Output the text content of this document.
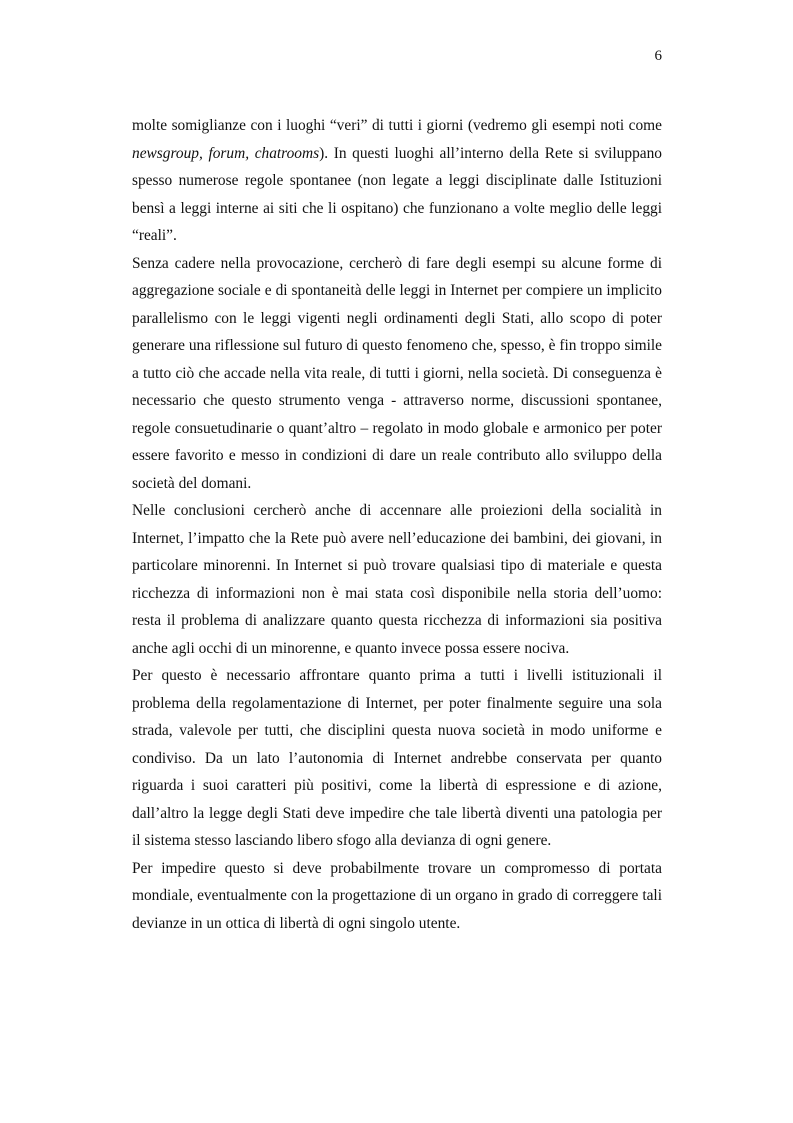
6

molte somiglianze con i luoghi “veri” di tutti i giorni (vedremo gli esempi noti come newsgroup, forum, chatrooms). In questi luoghi all’interno della Rete si sviluppano spesso numerose regole spontanee (non legate a leggi disciplinate dalle Istituzioni bensì a leggi interne ai siti che li ospitano) che funzionano a volte meglio delle leggi “reali”.

Senza cadere nella provocazione, cercherò di fare degli esempi su alcune forme di aggregazione sociale e di spontaneità delle leggi in Internet per compiere un implicito parallelismo con le leggi vigenti negli ordinamenti degli Stati, allo scopo di poter generare una riflessione sul futuro di questo fenomeno che, spesso, è fin troppo simile a tutto ciò che accade nella vita reale, di tutti i giorni, nella società. Di conseguenza è necessario che questo strumento venga - attraverso norme, discussioni spontanee, regole consuetudinarie o quant’altro – regolato in modo globale e armonico per poter essere favorito e messo in condizioni di dare un reale contributo allo sviluppo della società del domani.

Nelle conclusioni cercherò anche di accennare alle proiezioni della socialità in Internet, l’impatto che la Rete può avere nell’educazione dei bambini, dei giovani, in particolare minorenni. In Internet si può trovare qualsiasi tipo di materiale e questa ricchezza di informazioni non è mai stata così disponibile nella storia dell’uomo: resta il problema di analizzare quanto questa ricchezza di informazioni sia positiva anche agli occhi di un minorenne, e quanto invece possa essere nociva.

Per questo è necessario affrontare quanto prima a tutti i livelli istituzionali il problema della regolamentazione di Internet, per poter finalmente seguire una sola strada, valevole per tutti, che disciplini questa nuova società in modo uniforme e condiviso. Da un lato l’autonomia di Internet andrebbe conservata per quanto riguarda i suoi caratteri più positivi, come la libertà di espressione e di azione, dall’altro la legge degli Stati deve impedire che tale libertà diventi una patologia per il sistema stesso lasciando libero sfogo alla devianza di ogni genere.

Per impedire questo si deve probabilmente trovare un compromesso di portata mondiale, eventualmente con la progettazione di un organo in grado di correggere tali devianze in un ottica di libertà di ogni singolo utente.
